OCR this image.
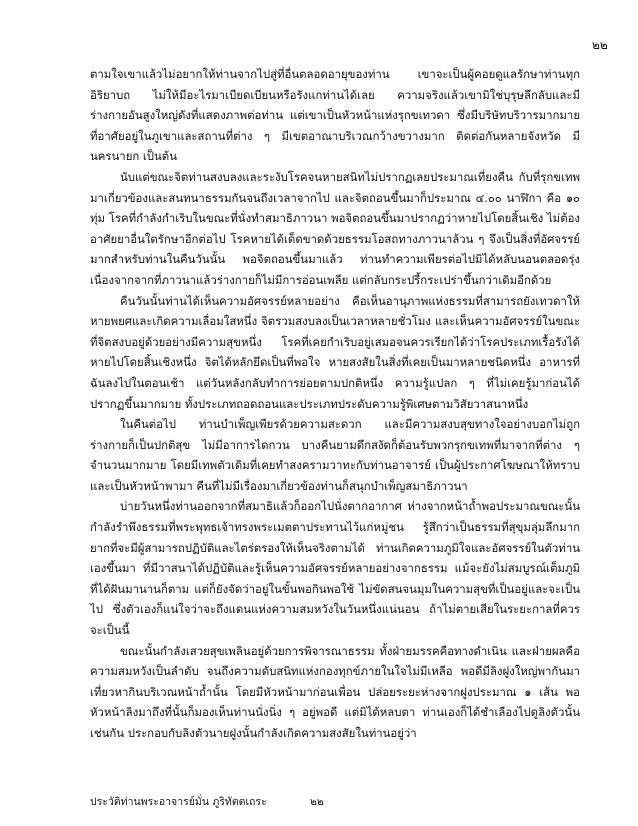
๒๒

ตามใจเขาแล้วไม่อยากให้ท่านจากไปสู่ที่อื่นตลอดอายุของท่าน เขาจะเป็นผู้คอยดูแลรักษาท่านทุกอิริยาบถ ไม่ให้มีอะไรมาเบียดเบียนหรือรังแกท่านได้เลย ความจริงแล้วเขามิใช่บุรุษลึกลับและมีร่างกายอันสูงใหญ่ดังที่แสดงภาพต่อท่าน แต่เขาเป็นหัวหน้าแห่งรุกขเทวดา ซึ่งมีบริษัทบริวารมากมายที่อาศัยอยู่ในภูเขาและสถานที่ต่าง ๆ มีเขตอาณาบริเวณกว้างขวางมาก ติดต่อกันหลายจังหวัด มีนครนายก เป็นต้น

นับแต่ขณะจิตท่านสงบลงและระงับโรคจนหายสนิทไม่ปรากฏเลยประมาณเที่ยงคืน กับที่รุกขเทพมาเกี่ยวข้องและสนทนาธรรมกันจนถึงเวลาจากไป และจิตถอนขึ้นมาก็ประมาณ ๔.๐๐ นาฬิกา คือ ๑๐ ทุ่ม โรคที่กำลังกำเริบในขณะที่นั่งทำสมาธิภาวนา พอจิตถอนขึ้นมาปรากฏว่าหายไปโดยสิ้นเชิง ไม่ต้องอาศัยยาอื่นใดรักษาอีกต่อไป โรคหายได้เด็ดขาดด้วยธรรมโอสถทางภาวนาล้วน ๆ จึงเป็นสิ่งที่อัศจรรย์มากสำหรับท่านในคืนวันนั้น พอจิตถอนขึ้นมาแล้ว ท่านทำความเพียรต่อไปมิได้หลับนอนตลอดรุ่ง เนื่องจากจากที่ภาวนาแล้วร่างกายก็ไม่มีการอ่อนเพลีย แต่กลับกระปรี้กระเปร่าขึ้นกว่าเดิมอีกด้วย

คืนวันนั้นท่านได้เห็นความอัศจรรย์หลายอย่าง คือเห็นอานุภาพแห่งธรรมที่สามารถยังเทวดาให้หายพยศและเกิดความเลื่อมใสหนึ่ง จิตรวมสงบลงเป็นเวลาหลายชั่วโมง และเห็นความอัศจรรย์ในขณะที่จิตสงบอยู่ด้วยอย่างมีความสุขหนึ่ง โรคที่เคยกำเริบอยู่เสมอจนควรเรียกได้ว่าโรคประเภทเรื้อรังได้หายไปโดยสิ้นเชิงหนึ่ง จิตได้หลักยึดเป็นที่พอใจ หายสงสัยในสิ่งที่เคยเป็นมาหลายชนิดหนึ่ง อาหารที่ฉันลงไปในตอนเช้า แต่วันหลังกลับทำการย่อยตามปกติหนึ่ง ความรู้แปลก ๆ ที่ไม่เคยรู้มาก่อนได้ปรากฏขึ้นมากมาย ทั้งประเภทถอดถอนและประเภทประดับความรู้พิเศษตามวิสัยวาสนาหนึ่ง

ในคืนต่อไป ท่านบำเพ็ญเพียรด้วยความสะดวก และมีความสงบสุขทางใจอย่างบอกไม่ถูก ร่างกายก็เป็นปกติสุข ไม่มีอาการไดกวน บางคืนยามดึกสงัดก็ต้อนรับพวกรุกขเทพที่มาจากที่ต่าง ๆ จำนวนมากมาย โดยมีเทพตัวเดิมที่เคยทำสงครามวาทะกับท่านอาจารย์ เป็นผู้ประกาศโฆษณาให้ทราบและเป็นหัวหน้าพามา คืนที่ไม่มีเรื่องมาเกี่ยวข้องท่านก็สนุกบำเพ็ญสมาธิภาวนา

บ่ายวันหนึ่งท่านออกจากที่สมาธิแล้วก็ออกไปนั่งตากอากาศ ห่างจากหน้าถ้ำพอประมาณขณะนั้นกำลังรำพึงธรรมที่พระพุทธเจ้าทรงพระเมตตาประทานไว้แก่หมู่ชน รู้สึกว่าเป็นธรรมที่สุขุมลุ่มลึกมาก ยากที่จะมีผู้สามารถปฏิบัติและไตร่ตรองให้เห็นจริงตามได้ ท่านเกิดความภูมิใจและอัศจรรย์ในตัวท่านเองขึ้นมา ที่มีวาสนาได้ปฏิบัติและรู้เห็นความอัศจรรย์หลายอย่างจากธรรม แม้จะยังไม่สมบูรณ์เต็มภูมิที่ได้ฝันมานานก็ตาม แต่ก็ยังจัดว่าอยู่ในขั้นพอกินพอใช้ ไม่ขัดสนจนมุมในความสุขที่เป็นอยู่และจะเป็นไป ซึ่งตัวเองก็แน่ใจว่าจะถึงแดนแห่งความสมหวังในวันหนึ่งแน่นอน ถ้าไม่ตายเสียในระยะกาลที่ควรจะเป็นนี้

ขณะนั้นกำลังเสวยสุขเพลินอยู่ด้วยการพิจารณาธรรม ทั้งฝ่ายมรรคคือทางดำเนิน และฝ่ายผลคือความสมหวังเป็นลำดับ จนถึงความดับสนิทแห่งกองทุกข์ภายในใจไม่มีเหลือ พอดีมีลิงฝูงใหญ่พากันมาเที่ยวหากินบริเวณหน้าถ้ำนั้น โดยมีหัวหน้ามาก่อนเพื่อน ปล่อยระยะห่างจากฝูงประมาณ ๑ เส้น พอหัวหน้าลิงมาถึงที่นั้นก็มองเห็นท่านนั่งนิ่ง ๆ อยู่พอดี แต่มิได้หลบตา ท่านเองก็ได้ชำเลืองไปดูลิงตัวนั้นเช่นกัน ประกอบกับลิงตัวนายฝูงนั้นกำลังเกิดความสงสัยในท่านอยู่ว่า

ประวัติท่านพระอาจารย์มั่น ภูริทัตตเถระ	๒๒
